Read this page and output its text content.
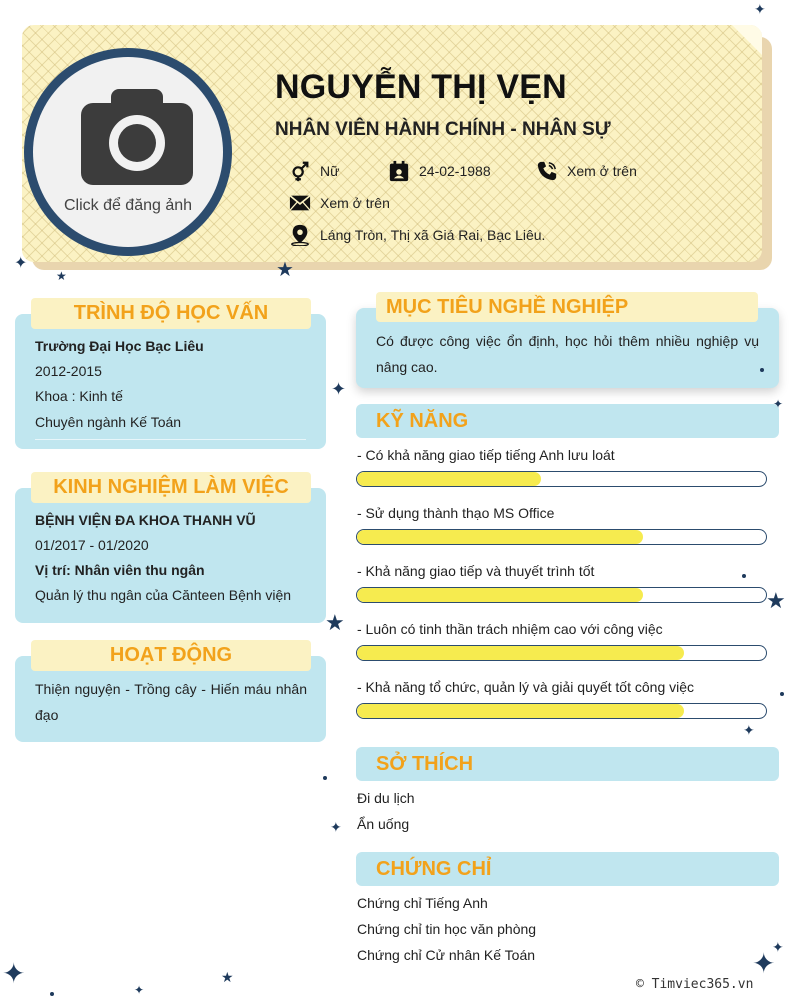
Click để đăng ảnh
NGUYỄN THỊ VẸN
NHÂN VIÊN HÀNH CHÍNH - NHÂN SỰ
Nữ	24-02-1988	Xem ở trên
Xem ở trên
Láng Tròn, Thị xã Giá Rai, Bạc Liêu.
TRÌNH ĐỘ HỌC VẤN
Trường Đại Học Bạc Liêu
2012-2015
Khoa : Kinh tế
Chuyên ngành Kế Toán
KINH NGHIỆM LÀM VIỆC
BỆNH VIỆN ĐA KHOA THANH VŨ
01/2017 - 01/2020
Vị trí: Nhân viên thu ngân
Quản lý thu ngân của Căntеen Bệnh viện
HOẠT ĐỘNG
Thiện nguyện - Trồng cây - Hiến máu nhân đạo
MỤC TIÊU NGHỀ NGHIỆP
Có được công việc ổn định, học hỏi thêm nhiều nghiệp vụ nâng cao.
KỸ NĂNG
- Có khả năng giao tiếp tiếng Anh lưu loát
- Sử dụng thành thạo MS Office
- Khả năng giao tiếp và thuyết trình tốt
- Luôn có tinh thần trách nhiệm cao với công việc
- Khả năng tổ chức, quản lý và giải quyết tốt công việc
SỞ THÍCH
Đi du lịch
Ẩn uống
CHỨNG CHỈ
Chứng chỉ Tiếng Anh
Chứng chỉ tin học văn phòng
Chứng chỉ Cử nhân Kế Toán
✦
✦
★	★
✦
✦
★
★
✦
✦
✦
✦
✦	★
✦	© Timviec365.vn
